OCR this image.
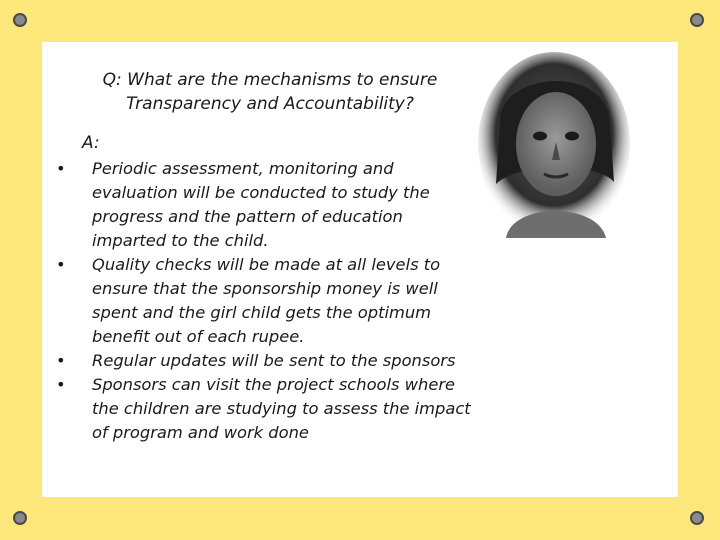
Q: What are the mechanisms to ensure
Transparency and Accountability?
A:
• Periodic assessment, monitoring and evaluation will be conducted to study the progress and the pattern of education imparted to the child.
• Quality checks will be made at all levels to ensure that the sponsorship money is well spent and the girl child gets the optimum benefit out of each rupee.
• Regular updates will be sent to the sponsors
• Sponsors can visit the project schools where the children are studying to assess the impact of program and work done
